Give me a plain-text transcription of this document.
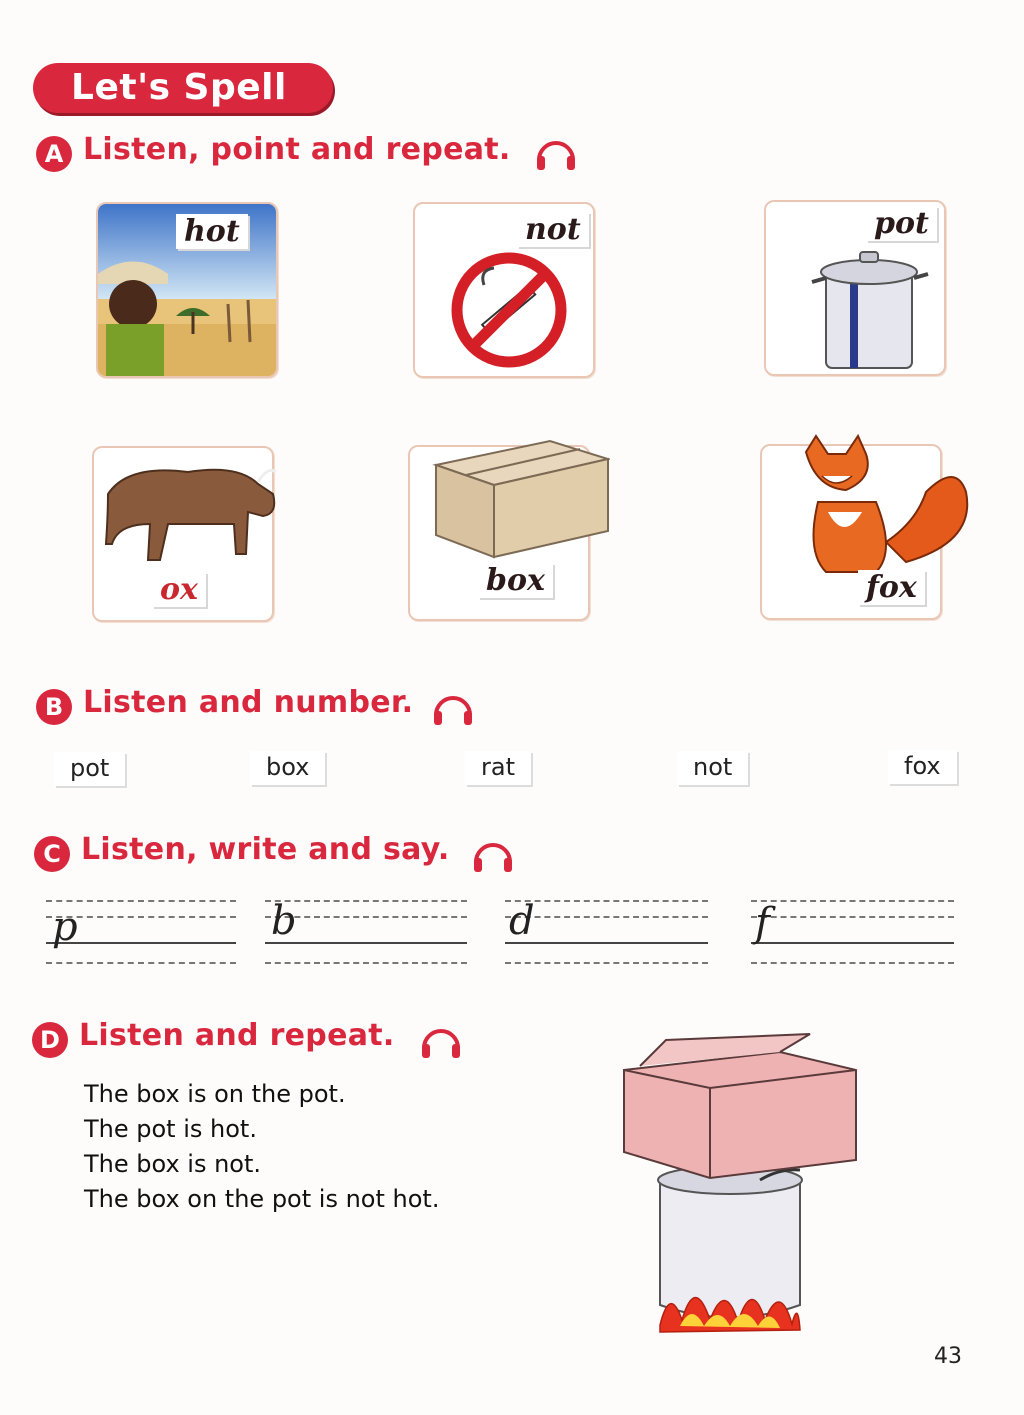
Let's Spell
A Listen, point and repeat.
hot	not	pot
ox	box	fox
B Listen and number.
pot	box	rat	not	fox
C Listen, write and say.
p	b	d	f
D Listen and repeat.
The box is on the pot.
The pot is hot.
The box is not.
The box on the pot is not hot.
43
